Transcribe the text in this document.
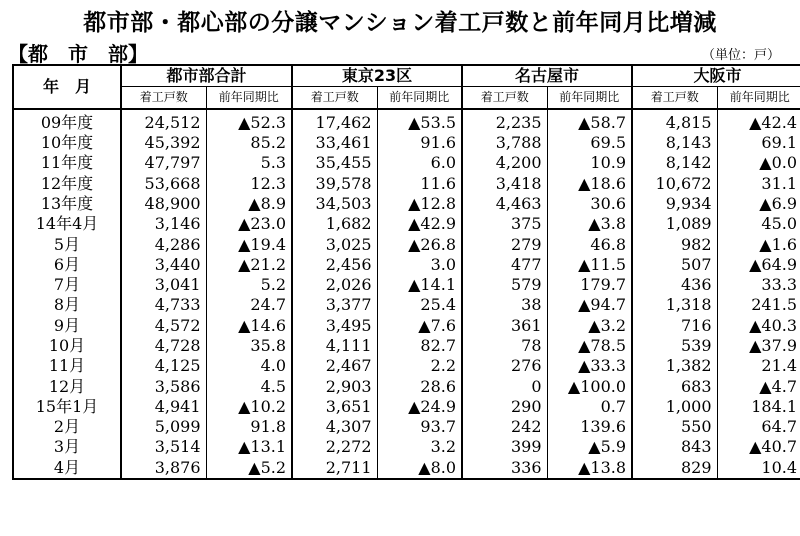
都市部・都心部の分譲マンション着工戸数と前年同月比増減
【都　市　部】	（単位：戸）
年　月	都市部合計		東京23区		名古屋市		大阪市	
	着工戸数	前年同期比	着工戸数	前年同期比	着工戸数	前年同期比	着工戸数	前年同期比
09年度	24,512	▲52.3	17,462	▲53.5	2,235	▲58.7	4,815	▲42.4
10年度	45,392	85.2	33,461	91.6	3,788	69.5	8,143	69.1
11年度	47,797	5.3	35,455	6.0	4,200	10.9	8,142	▲0.0
12年度	53,668	12.3	39,578	11.6	3,418	▲18.6	10,672	31.1
13年度	48,900	▲8.9	34,503	▲12.8	4,463	30.6	9,934	▲6.9
14年4月	3,146	▲23.0	1,682	▲42.9	375	▲3.8	1,089	45.0
5月	4,286	▲19.4	3,025	▲26.8	279	46.8	982	▲1.6
6月	3,440	▲21.2	2,456	3.0	477	▲11.5	507	▲64.9
7月	3,041	5.2	2,026	▲14.1	579	179.7	436	33.3
8月	4,733	24.7	3,377	25.4	38	▲94.7	1,318	241.5
9月	4,572	▲14.6	3,495	▲7.6	361	▲3.2	716	▲40.3
10月	4,728	35.8	4,111	82.7	78	▲78.5	539	▲37.9
11月	4,125	4.0	2,467	2.2	276	▲33.3	1,382	21.4
12月	3,586	4.5	2,903	28.6	0	▲100.0	683	▲4.7
15年1月	4,941	▲10.2	3,651	▲24.9	290	0.7	1,000	184.1
2月	5,099	91.8	4,307	93.7	242	139.6	550	64.7
3月	3,514	▲13.1	2,272	3.2	399	▲5.9	843	▲40.7
4月	3,876	▲5.2	2,711	▲8.0	336	▲13.8	829	10.4
